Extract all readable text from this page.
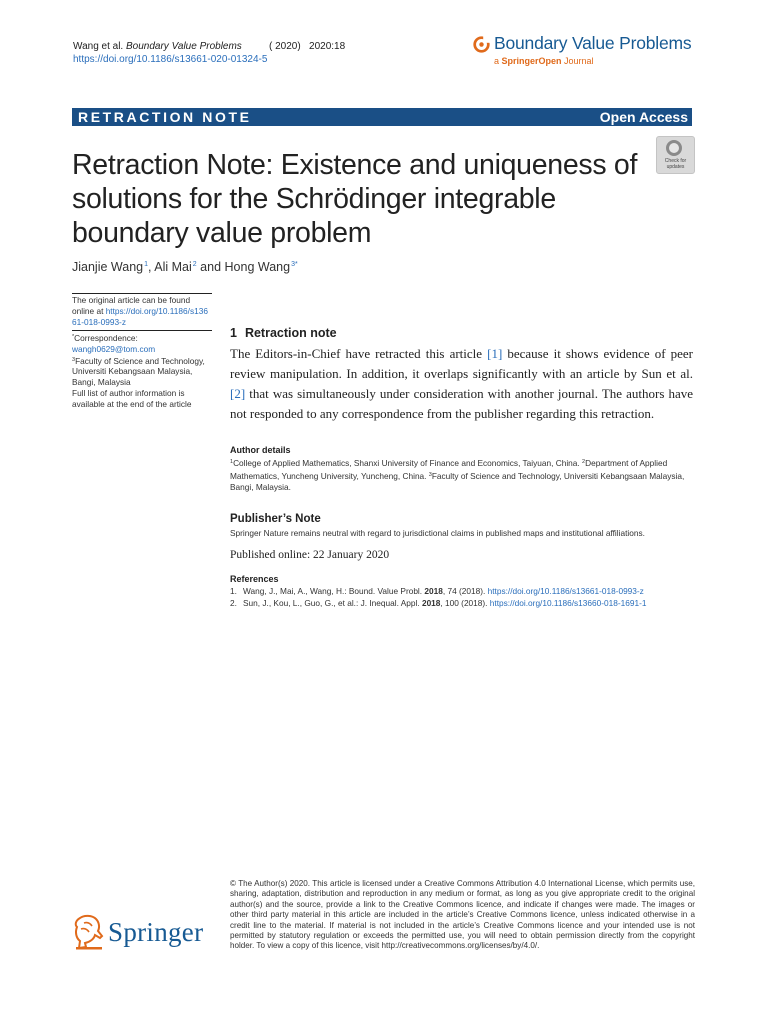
Wang et al. Boundary Value Problems	( 2020) 2020:18
https://doi.org/10.1186/s13661-020-01324-5
Boundary Value Problems
a SpringerOpen Journal
RETRACTION NOTE	Open Access
Retraction Note: Existence and uniqueness of solutions for the Schrödinger integrable boundary value problem
Check for
updates
Jianjie Wang$^1$, Ali Mai$^2$ and Hong Wang$^{3*}$
The original article can be found online at https://doi.org/10.1186/s13661-018-0993-z
*Correspondence:
wangh0629@tom.com
$^3$Faculty of Science and Technology, Universiti Kebangsaan Malaysia, Bangi, Malaysia
Full list of author information is available at the end of the article
1 Retraction note
The Editors-in-Chief have retracted this article [1] because it shows evidence of peer review manipulation. In addition, it overlaps significantly with an article by Sun et al. [2] that was simultaneously under consideration with another journal. The authors have not responded to any correspondence from the publisher regarding this retraction.
Author details
$^1$College of Applied Mathematics, Shanxi University of Finance and Economics, Taiyuan, China. $^2$Department of Applied Mathematics, Yuncheng University, Yuncheng, China. $^3$Faculty of Science and Technology, Universiti Kebangsaan Malaysia, Bangi, Malaysia.
Publisher’s Note
Springer Nature remains neutral with regard to jurisdictional claims in published maps and institutional affiliations.
Published online: 22 January 2020
References
1. Wang, J., Mai, A., Wang, H.: Bound. Value Probl. 2018, 74 (2018). https://doi.org/10.1186/s13661-018-0993-z
2. Sun, J., Kou, L., Guo, G., et al.: J. Inequal. Appl. 2018, 100 (2018). https://doi.org/10.1186/s13660-018-1691-1
Springer
© The Author(s) 2020. This article is licensed under a Creative Commons Attribution 4.0 International License, which permits use, sharing, adaptation, distribution and reproduction in any medium or format, as long as you give appropriate credit to the original author(s) and the source, provide a link to the Creative Commons licence, and indicate if changes were made. The images or other third party material in this article are included in the article’s Creative Commons licence, unless indicated otherwise in a credit line to the material. If material is not included in the article’s Creative Commons licence and your intended use is not permitted by statutory regulation or exceeds the permitted use, you will need to obtain permission directly from the copyright holder. To view a copy of this licence, visit http://creativecommons.org/licenses/by/4.0/.
